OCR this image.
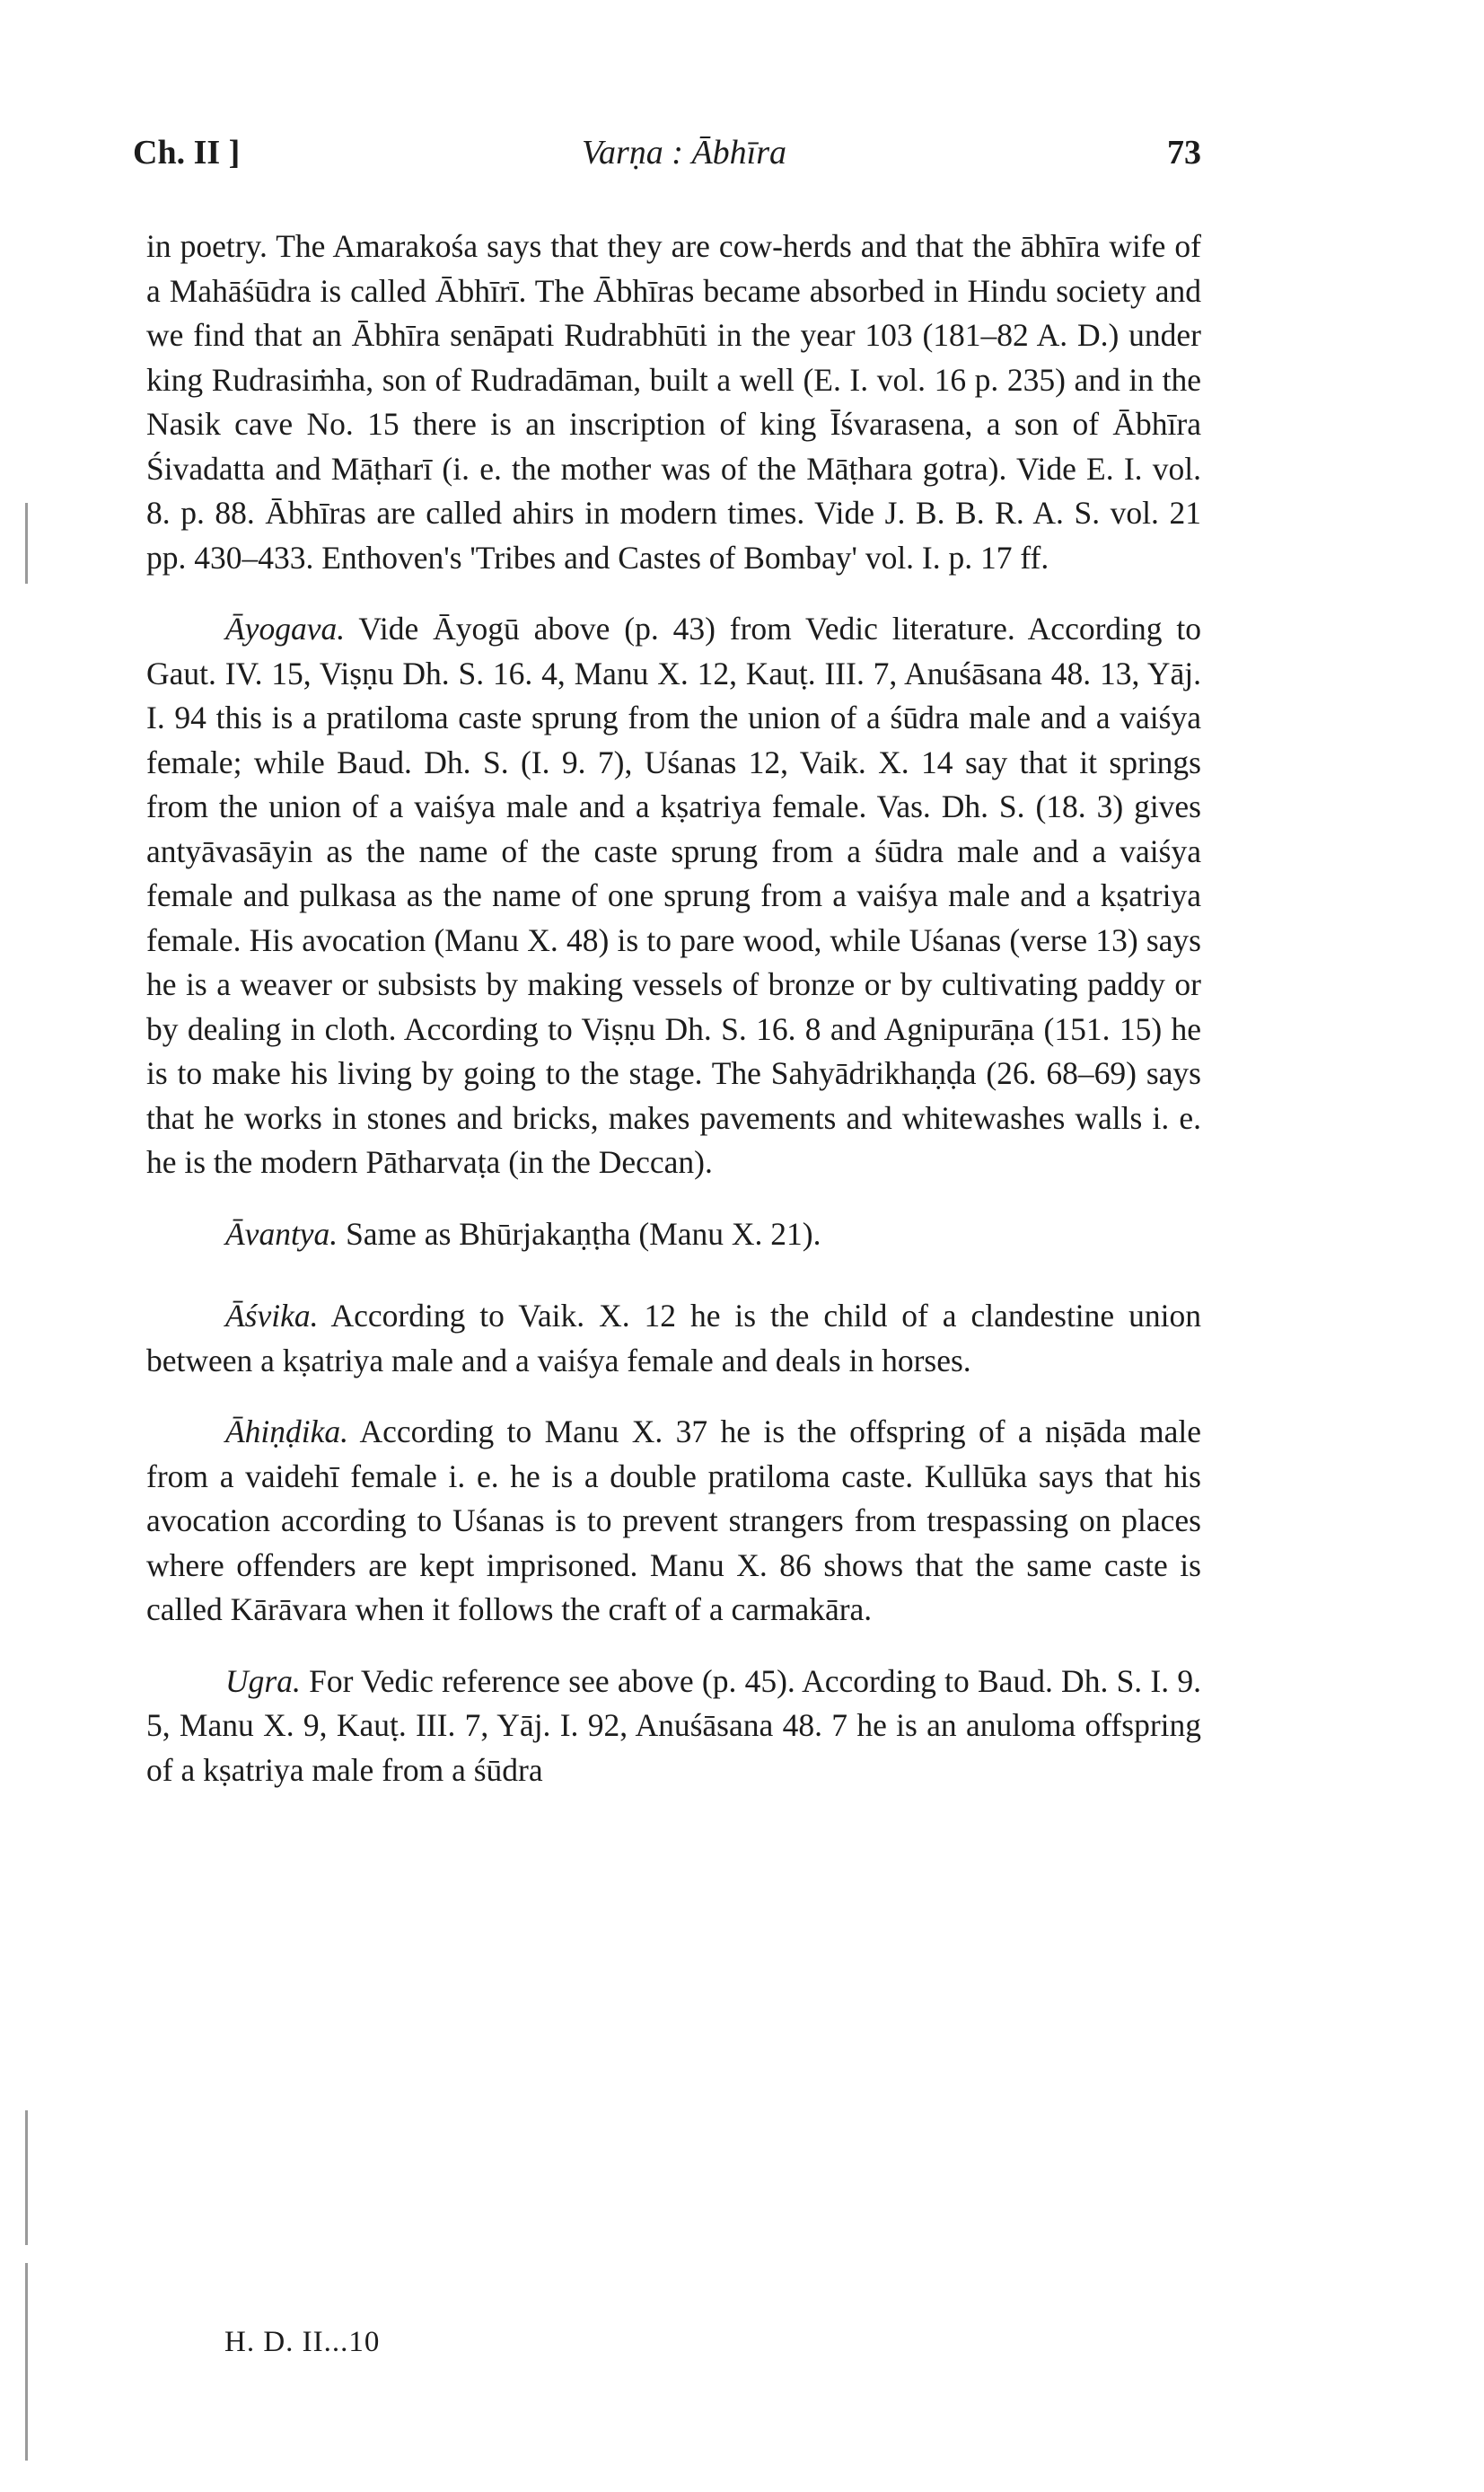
Ch. II ]	Varṇa : Ābhīra	73

in poetry. The Amarakośa says that they are cow-herds and that the ābhīra wife of a Mahāśūdra is called Ābhīrī. The Ābhīras became absorbed in Hindu society and we find that an Ābhīra senāpati Rudrabhūti in the year 103 (181–82 A. D.) under king Rudrasiṁha, son of Rudradāman, built a well (E. I. vol. 16 p. 235) and in the Nasik cave No. 15 there is an inscription of king Īśvarasena, a son of Ābhīra Śivadatta and Māṭharī (i. e. the mother was of the Māṭhara gotra). Vide E. I. vol. 8. p. 88. Ābhīras are called ahirs in modern times. Vide J. B. B. R. A. S. vol. 21 pp. 430–433. Enthoven's 'Tribes and Castes of Bombay' vol. I. p. 17 ff.

Āyogava. Vide Āyogū above (p. 43) from Vedic literature. According to Gaut. IV. 15, Viṣṇu Dh. S. 16. 4, Manu X. 12, Kauṭ. III. 7, Anuśāsana 48. 13, Yāj. I. 94 this is a pratiloma caste sprung from the union of a śūdra male and a vaiśya female; while Baud. Dh. S. (I. 9. 7), Uśanas 12, Vaik. X. 14 say that it springs from the union of a vaiśya male and a kṣatriya female. Vas. Dh. S. (18. 3) gives antyāvasāyin as the name of the caste sprung from a śūdra male and a vaiśya female and pulkasa as the name of one sprung from a vaiśya male and a kṣatriya female. His avocation (Manu X. 48) is to pare wood, while Uśanas (verse 13) says he is a weaver or subsists by making vessels of bronze or by cultivating paddy or by dealing in cloth. According to Viṣṇu Dh. S. 16. 8 and Agnipurāṇa (151. 15) he is to make his living by going to the stage. The Sahyādrikhaṇḍa (26. 68–69) says that he works in stones and bricks, makes pavements and whitewashes walls i. e. he is the modern Pātharvaṭa (in the Deccan).

Āvantya. Same as Bhūrjakaṇṭha (Manu X. 21).

Āśvika. According to Vaik. X. 12 he is the child of a clandestine union between a kṣatriya male and a vaiśya female and deals in horses.

Āhiṇḍika. According to Manu X. 37 he is the offspring of a niṣāda male from a vaidehī female i. e. he is a double pratiloma caste. Kullūka says that his avocation according to Uśanas is to prevent strangers from trespassing on places where offenders are kept imprisoned. Manu X. 86 shows that the same caste is called Kārāvara when it follows the craft of a carmakāra.

Ugra. For Vedic reference see above (p. 45). According to Baud. Dh. S. I. 9. 5, Manu X. 9, Kauṭ. III. 7, Yāj. I. 92, Anuśāsana 48. 7 he is an anuloma offspring of a kṣatriya male from a śūdra

H. D. II...10
